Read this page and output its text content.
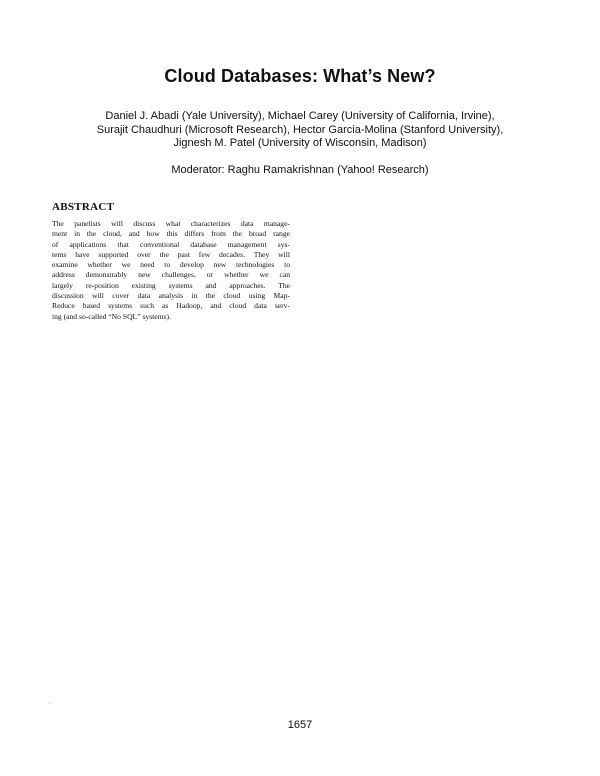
Cloud Databases: What’s New?
Daniel J. Abadi (Yale University), Michael Carey (University of California, Irvine),
Surajit Chaudhuri (Microsoft Research), Hector Garcia-Molina (Stanford University),
Jignesh M. Patel (University of Wisconsin, Madison)
Moderator: Raghu Ramakrishnan (Yahoo! Research)
ABSTRACT
The panelists will discuss what characterizes data manage-
ment in the cloud, and how this differs from the broad range
of applications that conventional database management sys-
tems have supported over the past few decades. They will
examine whether we need to develop new technologies to
address demonstrably new challenges, or whether we can
largely re-position existing systems and approaches. The
discussion will cover data analysis in the cloud using Map-
Reduce based systems such as Hadoop, and cloud data serv-
ing (and so-called “No SQL” systems).
.
1657
